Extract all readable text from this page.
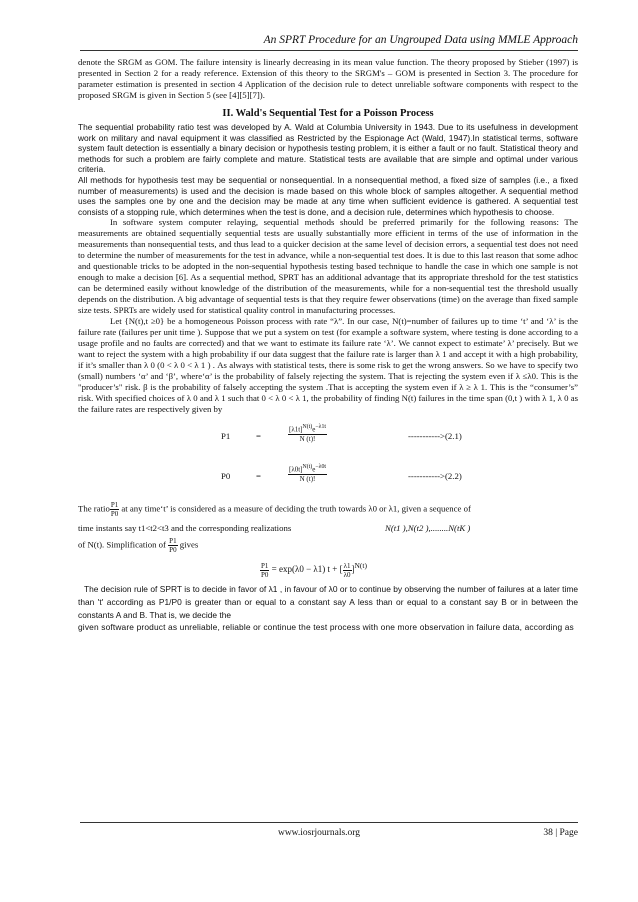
An SPRT Procedure for an Ungrouped Data using MMLE Approach

denote the SRGM as GOM. The failure intensity is linearly decreasing in its mean value function. The theory proposed by Stieber (1997) is presented in Section 2 for a ready reference. Extension of this theory to the SRGM's – GOM is presented in Section 3. The procedure for parameter estimation is presented in section 4 Application of the decision rule to detect unreliable software components with respect to the proposed SRGM is given in Section 5 (see [4][5][7]).

II. Wald's Sequential Test for a Poisson Process

The sequential probability ratio test was developed by A. Wald at Columbia University in 1943. Due to its usefulness in development work on military and naval equipment it was classified as Restricted by the Espionage Act (Wald, 1947).In statistical terms, software system fault detection is essentially a binary decision or hypothesis testing problem, it is either a fault or no fault. Statistical theory and methods for such a problem are fairly complete and mature. Statistical tests are available that are simple and optimal under various criteria.

All methods for hypothesis test may be sequential or nonsequential. In a nonsequential method, a fixed size of samples (i.e., a fixed number of measurements) is used and the decision is made based on this whole block of samples altogether. A sequential method uses the samples one by one and the decision may be made at any time when sufficient evidence is gathered. A sequential test consists of a stopping rule, which determines when the test is done, and a decision rule, determines which hypothesis to choose.

In software system computer relaying, sequential methods should be preferred primarily for the following reasons: The measurements are obtained sequentially sequential tests are usually substantially more efficient in terms of the use of information in the measurements than nonsequential tests, and thus lead to a quicker decision at the same level of decision errors, a sequential test does not need to determine the number of measurements for the test in advance, while a non-sequential test does. It is due to this last reason that some adhoc and questionable tricks to be adopted in the non-sequential hypothesis testing based technique to handle the case in which one sample is not enough to make a decision [6]. As a sequential method, SPRT has an additional advantage that its appropriate threshold for the test statistics can be determined easily without knowledge of the distribution of the measurements, while for a non-sequential test the threshold usually depends on the distribution. A big advantage of sequential tests is that they require fewer observations (time) on the average than fixed sample size tests. SPRTs are widely used for statistical quality control in manufacturing processes.

Let {N(t),t ≥0} be a homogeneous Poisson process with rate “λ”. In our case, N(t)=number of failures up to time ‘t’ and ‘λ’ is the failure rate (failures per unit time ). Suppose that we put a system on test (for example a software system, where testing is done according to a usage profile and no faults are corrected) and that we want to estimate its failure rate ‘λ’. We cannot expect to estimate’ λ’ precisely. But we want to reject the system with a high probability if our data suggest that the failure rate is larger than λ 1 and accept it with a high probability, if it’s smaller than λ 0 (0 < λ 0 < λ 1 ) . As always with statistical tests, there is some risk to get the wrong answers. So we have to specify two (small) numbers ‘α’ and ‘β’, where‘α’ is the probability of falsely rejecting the system. That is rejecting the system even if λ ≤λ0. This is the "producer’s" risk. β is the probability of falsely accepting the system .That is accepting the system even if λ ≥ λ 1. This is the “consumer’s” risk. With specified choices of λ 0 and λ 1 such that 0 < λ 0 < λ 1, the probability of finding N(t) failures in the time span (0,t ) with λ 1, λ 0 as the failure rates are respectively given by

P1	=	$\frac{[\lambda 1t]^{N(t)}e^{-\lambda 1t}}{N (t)!}$	----------->(2.1)
P0	=	$\frac{[\lambda 0t]^{N(t)}e^{-\lambda 0t}}{N (t)!}$	----------->(2.2)

The ratio $\frac{P1}{P0}$ at any time‘t’ is considered as a measure of deciding the truth towards λ0 or λ1, given a sequence of

time instants say t1<t2<t3 and the corresponding realizations	N(t1 ),N(t2 ),........N(tK )

of N(t). Simplification of $\frac{P1}{P0}$ gives

$\frac{P1}{P0} = \exp(\lambda 0 - \lambda 1) t$ + [ $\frac{\lambda 1}{\lambda 0} ]^{N(t)}$

The decision rule of SPRT is to decide in favor of λ1 , in favour of λ0 or to continue by observing the number of failures at a later time than 't' according as P1/P0 is greater than or equal to a constant say A less than or equal to a constant say B or in between the constants A and B. That is, we decide the

given software product as unreliable, reliable or continue the test process with one more observation in failure data, according as

www.iosrjournals.org	38 | Page
